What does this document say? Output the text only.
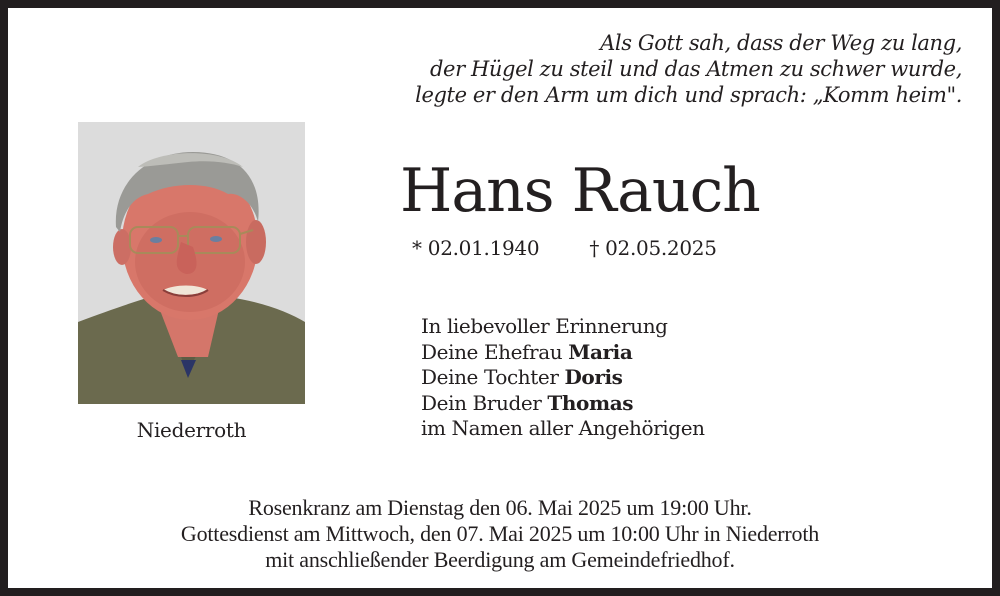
Als Gott sah, dass der Weg zu lang,
der Hügel zu steil und das Atmen zu schwer wurde,
legte er den Arm um dich und sprach: „Komm heim".
Niederroth
Hans Rauch
* 02.01.1940	† 02.05.2025
In liebevoller Erinnerung
Deine Ehefrau Maria
Deine Tochter Doris
Dein Bruder Thomas
im Namen aller Angehörigen
Rosenkranz am Dienstag den 06. Mai 2025 um 19:00 Uhr.
Gottesdienst am Mittwoch, den 07. Mai 2025 um 10:00 Uhr in Niederroth
mit anschließender Beerdigung am Gemeindefriedhof.
